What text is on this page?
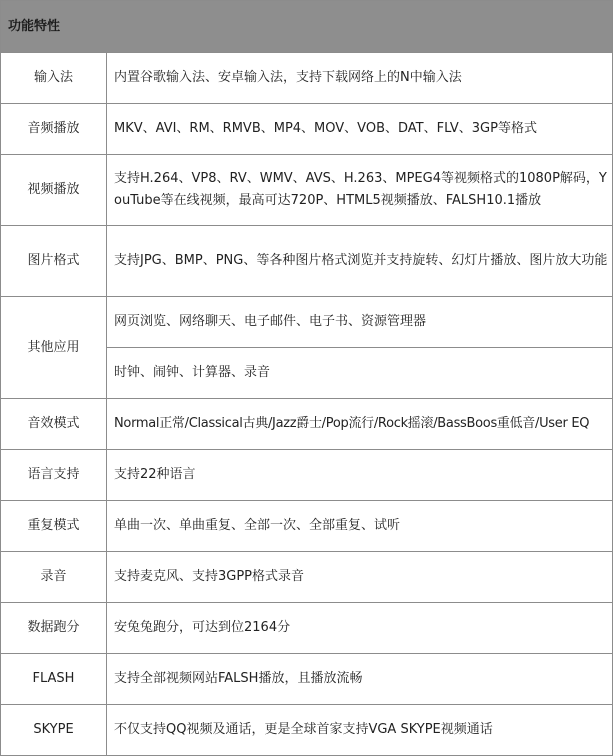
功能特性	
输入法	内置谷歌输入法、安卓输入法，支持下载网络上的N中输入法
音频播放	MKV、AVI、RM、RMVB、MP4、MOV、VOB、DAT、FLV、3GP等格式
视频播放	支持H.264、VP8、RV、WMV、AVS、H.263、MPEG4等视频格式的1080P解码，YouTube等在线视频，最高可达720P、HTML5视频播放、FALSH10.1播放
图片格式	支持JPG、BMP、PNG、等各种图片格式浏览并支持旋转、幻灯片播放、图片放大功能
其他应用	网页浏览、网络聊天、电子邮件、电子书、资源管理器
	时钟、闹钟、计算器、录音
音效模式	Normal正常/Classical古典/Jazz爵士/Pop流行/Rock摇滚/BassBoos重低音/User EQ
语言支持	支持22种语言
重复模式	单曲一次、单曲重复、全部一次、全部重复、试听
录音	支持麦克风、支持3GPP格式录音
数据跑分	安兔兔跑分，可达到位2164分
FLASH	支持全部视频网站FALSH播放，且播放流畅
SKYPE	不仅支持QQ视频及通话，更是全球首家支持VGA SKYPE视频通话
